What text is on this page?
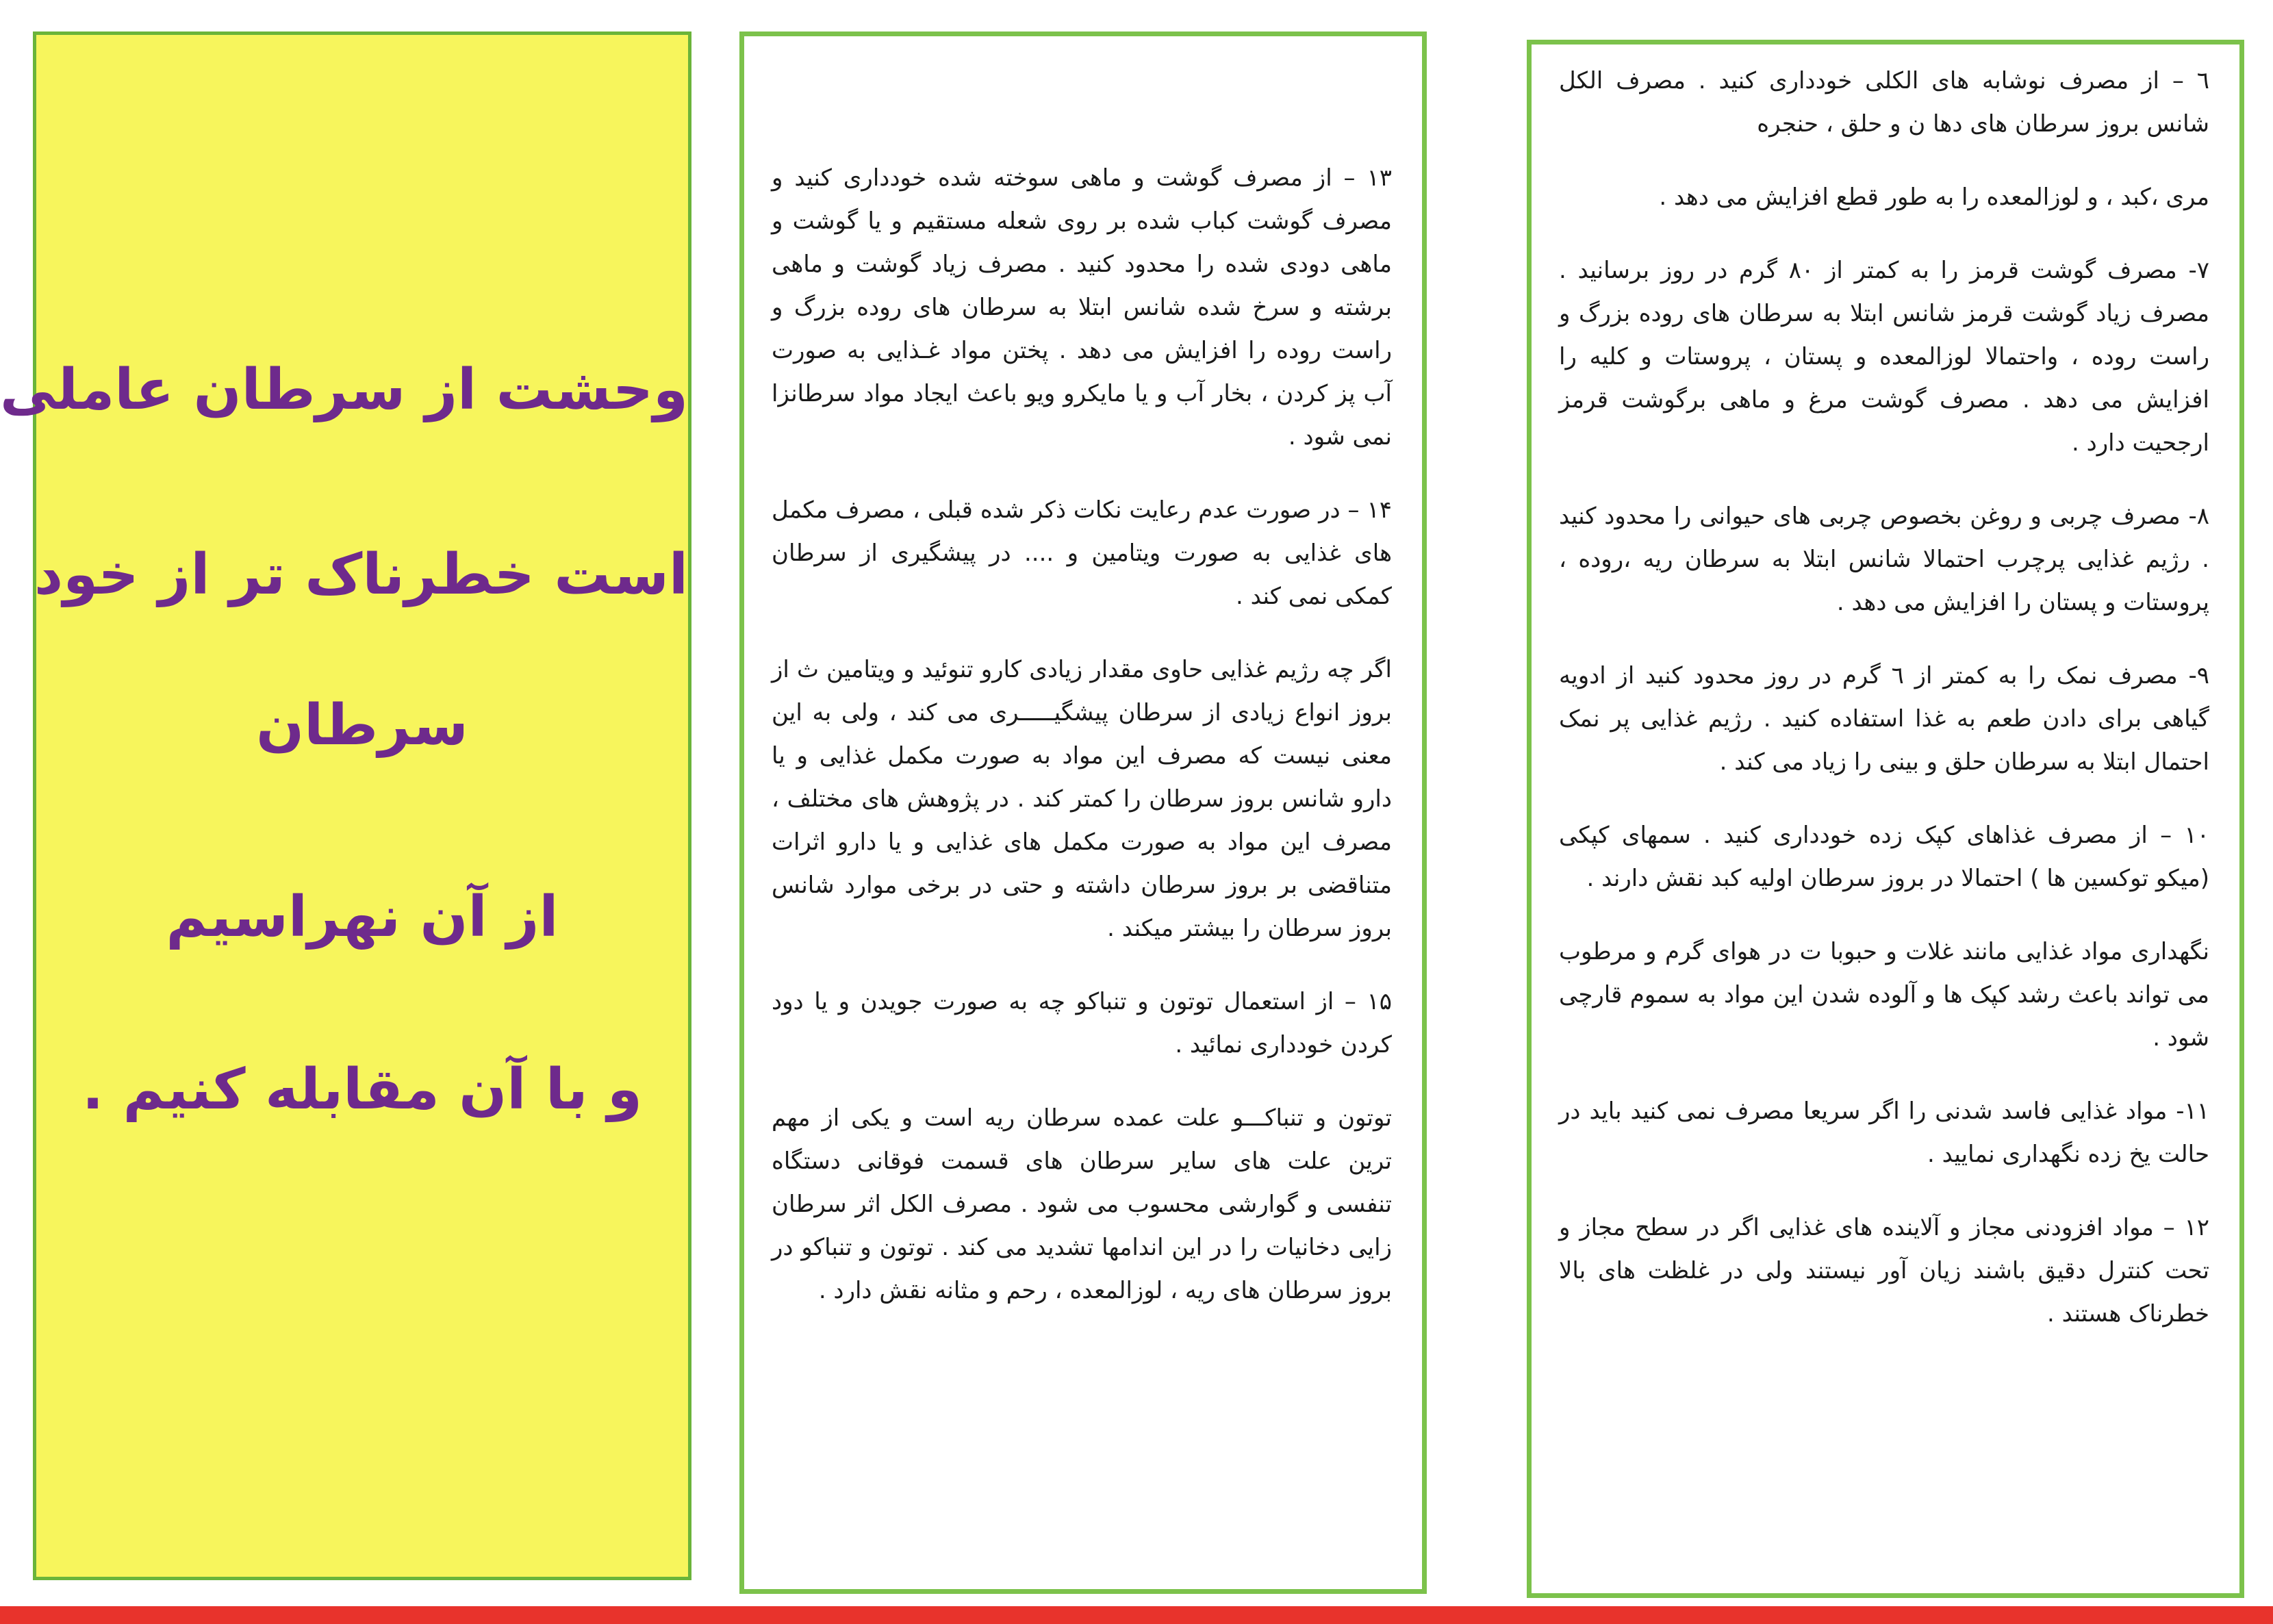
وحشت از سرطان عاملی
است خطرناک تر از خود
سرطان
از آن نهراسیم
و با آن مقابله کنیم .

۱۳ – از مصرف گوشت و ماهی سوخته شده خودداری کنید و مصرف گوشت کباب شده بر روی شعله مستقیم و یا گوشت و ماهی دودی شده را محدود کنید . مصرف زیاد گوشت و ماهی برشته و سرخ شده شانس ابتلا به سرطان های روده بزرگ و راست روده را افزایش می دهد . پختن مواد غـذایی به صورت آب پز کردن ، بخار آب و یا مایکرو ویو باعث ایجاد مواد سرطانزا نمی شود .

۱۴ – در صورت عدم رعایت نکات ذکر شده قبلی ، مصرف مکمل های غذایی به صورت ویتامین و .... در پیشگیری از سرطان کمکی نمی کند .

اگر چه رژیم غذایی حاوی مقدار زیادی کارو تنوئید و ویتامین ث از بروز انواع زیادی از سرطان پیشگیـــــری می کند ، ولی به این معنی نیست که مصرف این مواد به صورت مکمل غذایی و یا دارو شانس بروز سرطان را کمتر کند . در پژوهش های مختلف ، مصرف این مواد به صورت مکمل های غذایی و یا دارو اثرات متناقضی بر بروز سرطان داشته و حتی در برخی موارد شانس بروز سرطان را بیشتر میکند .

۱۵ – از استعمال توتون و تنباکو چه به صورت جویدن و یا دود کردن خودداری نمائید .

توتون و تنباکـــو علت عمده سرطان ریه است و یکی از مهم ترین علت های سایر سرطان های قسمت فوقانی دستگاه تنفسی و گوارشی محسوب می شود . مصرف الکل اثر سرطان زایی دخانیات را در این اندامها تشدید می کند . توتون و تنباکو در بروز سرطان های ریه ، لوزالمعده ، رحم و مثانه نقش دارد .

٦ – از مصرف نوشابه های الکلی خودداری کنید . مصرف الکل شانس بروز سرطان های دها ن و حلق ، حنجره

مری ،کبد ، و لوزالمعده را به طور قطع افزایش می دهد .

۷- مصرف گوشت قرمز را به کمتر از ۸۰ گرم در روز برسانید . مصرف زیاد گوشت قرمز شانس ابتلا به سرطان های روده بزرگ و راست روده ، واحتمالا لوزالمعده و پستان ، پروستات و کلیه را افزایش می دهد . مصرف گوشت مرغ و ماهی برگوشت قرمز ارجحیت دارد .

۸- مصرف چربی و روغن بخصوص چربی های حیوانی را محدود کنید . رژیم غذایی پرچرب احتمالا شانس ابتلا به سرطان ریه ،روده ، پروستات و پستان را افزایش می دهد .

۹- مصرف نمک را به کمتر از ٦ گرم در روز محدود کنید از ادویه گیاهی برای دادن طعم به غذا استفاده کنید . رژیم غذایی پر نمک احتمال ابتلا به سرطان حلق و بینی را زیاد می کند .

۱۰ – از مصرف غذاهای کپک زده خودداری کنید . سمهای کپکی (میکو توکسین ها ) احتمالا در بروز سرطان اولیه کبد نقش دارند .

نگهداری مواد غذایی مانند غلات و حبوبا ت در هوای گرم و مرطوب می تواند باعث رشد کپک ها و آلوده شدن این مواد به سموم قارچی شود .

۱۱- مواد غذایی فاسد شدنی را اگر سریعا مصرف نمی کنید باید در حالت یخ زده نگهداری نمایید .

۱۲ – مواد افزودنی مجاز و آلاینده های غذایی اگر در سطح مجاز و تحت کنترل دقیق باشند زیان آور نیستند ولی در غلظت های بالا خطرناک هستند .
